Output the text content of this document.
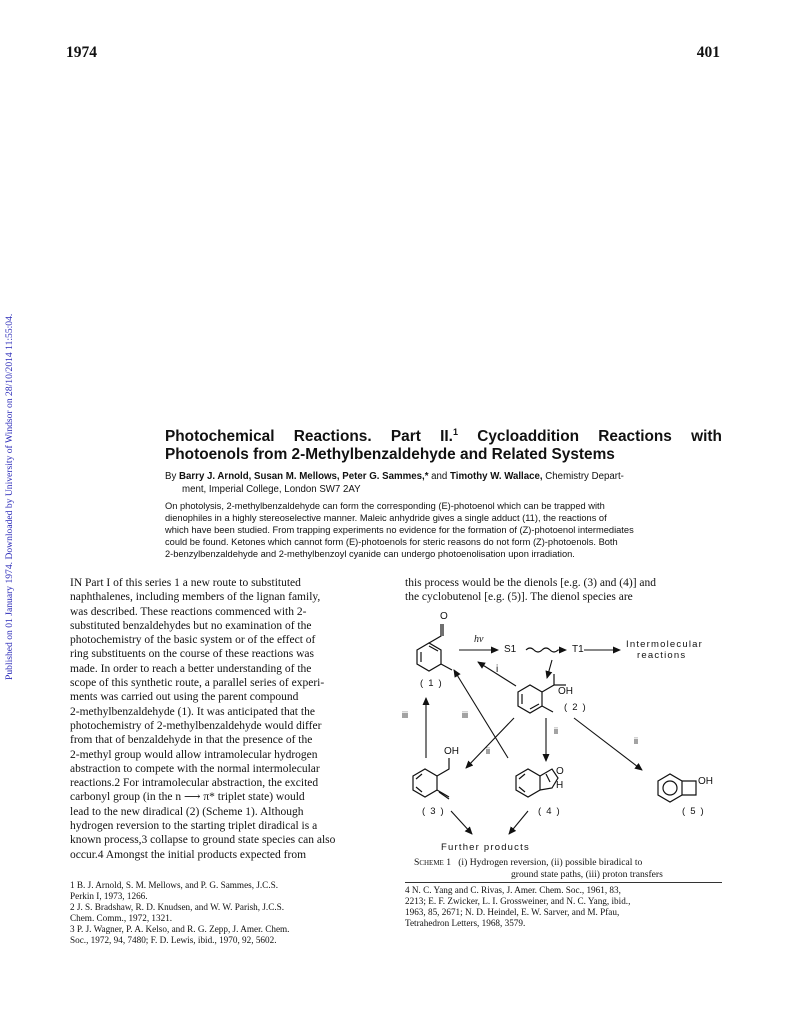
1974	401
Published on 01 January 1974. Downloaded by University of Windsor on 28/10/2014 11:55:04.	Photochemical Reactions. Part II.$^1$ Cycloaddition Reactions with
Photoenols from 2-Methylbenzaldehyde and Related Systems
By Barry J. Arnold, Susan M. Mellows, Peter G. Sammes,* and Timothy W. Wallace, Chemistry Depart-
ment, Imperial College, London SW7 2AY
On photolysis, 2-methylbenzaldehyde can form the corresponding (E)-photoenol which can be trapped with
dienophiles in a highly stereoselective manner. Maleic anhydride gives a single adduct (11), the reactions of
which have been studied. From trapping experiments no evidence for the formation of (Z)-photoenol intermediates
could be found. Ketones which cannot form (E)-photoenols for steric reasons do not form (Z)-photoenols. Both
2-benzylbenzaldehyde and 2-methylbenzoyl cyanide can undergo photoenolisation upon irradiation.
IN Part I of this series 1 a new route to substituted
naphthalenes, including members of the lignan family,
was described. These reactions commenced with 2-
substituted benzaldehydes but no examination of the
photochemistry of the basic system or of the effect of
ring substituents on the course of these reactions was
made. In order to reach a better understanding of the
scope of this synthetic route, a parallel series of experi-
ments was carried out using the parent compound
2-methylbenzaldehyde (1). It was anticipated that the
photochemistry of 2-methylbenzaldehyde would differ
from that of benzaldehyde in that the presence of the
2-methyl group would allow intramolecular hydrogen
abstraction to compete with the normal intermolecular
reactions.2 For intramolecular abstraction, the excited
carbonyl group (in the n ⟶ π* triplet state) would
lead to the new diradical (2) (Scheme 1). Although
hydrogen reversion to the starting triplet diradical is a
known process,3 collapse to ground state species can also
occur.4 Amongst the initial products expected from
this process would be the dienols [e.g. (3) and (4)] and
the cyclobutenol [e.g. (5)]. The dienol species are
O
( 1 )
hν
S1	T1	Intermolecular
reactions
i
OH
( 2 )
iii	iii
ii
ii
ii
OH
O
H	OH
( 3 )	( 4 )	( 5 )
Further products
Scheme 1 (i) Hydrogen reversion, (ii) possible biradical to
ground state paths, (iii) proton transfers
1 B. J. Arnold, S. M. Mellows, and P. G. Sammes, J.C.S.
Perkin I, 1973, 1266.
2 J. S. Bradshaw, R. D. Knudsen, and W. W. Parish, J.C.S.
Chem. Comm., 1972, 1321.
3 P. J. Wagner, P. A. Kelso, and R. G. Zepp, J. Amer. Chem.
Soc., 1972, 94, 7480; F. D. Lewis, ibid., 1970, 92, 5602.
4 N. C. Yang and C. Rivas, J. Amer. Chem. Soc., 1961, 83,
2213; E. F. Zwicker, L. I. Grossweiner, and N. C. Yang, ibid.,
1963, 85, 2671; N. D. Heindel, E. W. Sarver, and M. Pfau,
Tetrahedron Letters, 1968, 3579.
